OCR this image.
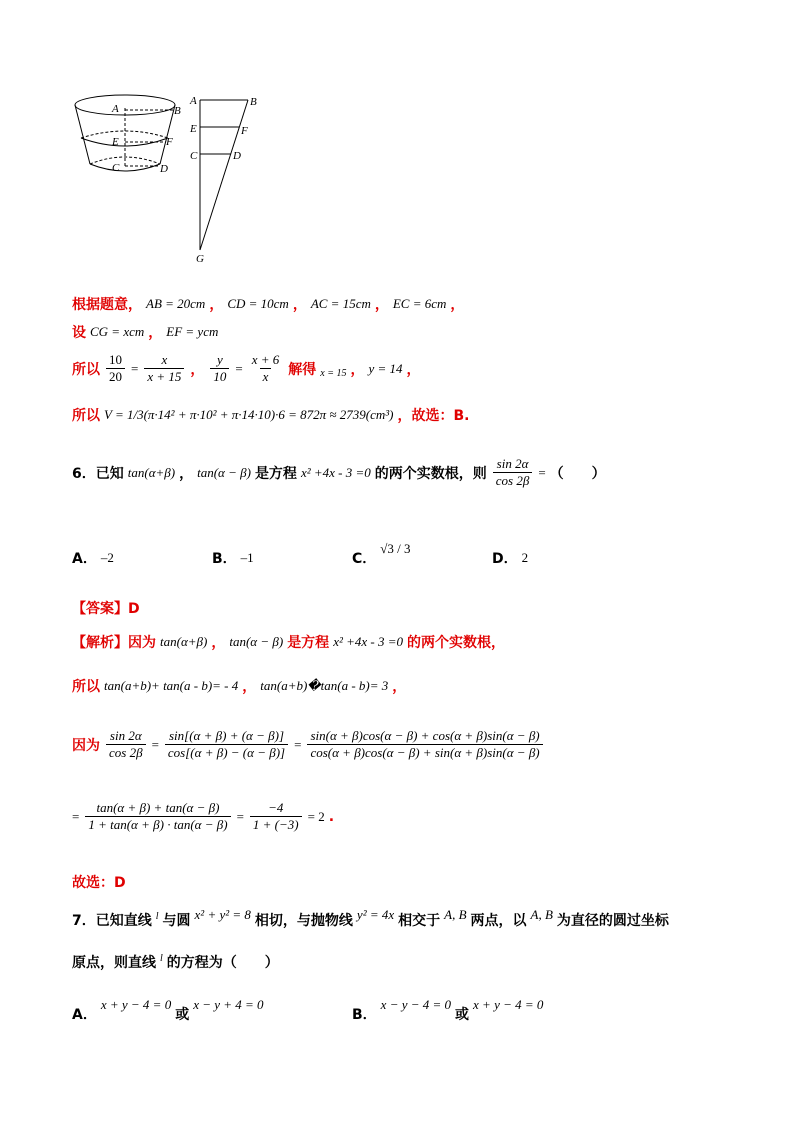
A	B
E	F
C	D
A	B
E	F
C	D
G
根据题意， AB = 20cm ， CD = 10cm ， AC = 15cm ， EC = 6cm ，
设 CG = xcm ， EF = ycm
所以 $\frac{10}{20} = \frac{x}{x + 15}$ ， $\frac{y}{10} = \frac{x + 6}{x}$ 解得 x = 15 ， y = 14 ，
所以 V = 1/3(π·14² + π·10² + π·14·10)·6 = 872π ≈ 2739(cm³) ，故选：B.
6．已知 tan(α+β) ， tan(α − β) 是方程 x² +4x - 3 =0 的两个实数根，则 $\frac{\sin 2\alpha}{\cos 2\beta}$ = （　　）
A． –2	B． –1	C．
√3 / 3
D． 2
【答案】D
【解析】因为 tan(α+β) ， tan(α − β) 是方程 x² +4x - 3 =0 的两个实数根，
所以 tan(a+b)+ tan(a - b)= - 4 ， tan(a+b)�tan(a - b)= 3 ，
因为 $\frac{\sin 2\alpha}{\cos 2\beta} = \frac{\sin[(\alpha + \beta) + (\alpha - \beta)]}{\cos[(\alpha + \beta) - (\alpha - \beta)]} = \frac{\sin(\alpha + \beta)\cos(\alpha - \beta) + \cos(\alpha + \beta)\sin(\alpha - \beta)}{\cos(\alpha + \beta)\cos(\alpha - \beta) + \sin(\alpha + \beta)\sin(\alpha - \beta)}$
= $\frac{\tan(\alpha + \beta) + \tan(\alpha - \beta)}{1 + \tan(\alpha + \beta) \cdot \tan(\alpha - \beta)} = \frac{-4}{1 + (-3)} = 2$ .
故选：D
7．已知直线 l 与圆 x² + y² = 8 相切，与抛物线 y² = 4x 相交于 A, B 两点，以 A, B 为直径的圆过坐标
原点，则直线 l 的方程为（　　）
A．
x + y − 4 = 0
或
x − y + 4 = 0
B．
x − y − 4 = 0
或
x + y − 4 = 0
